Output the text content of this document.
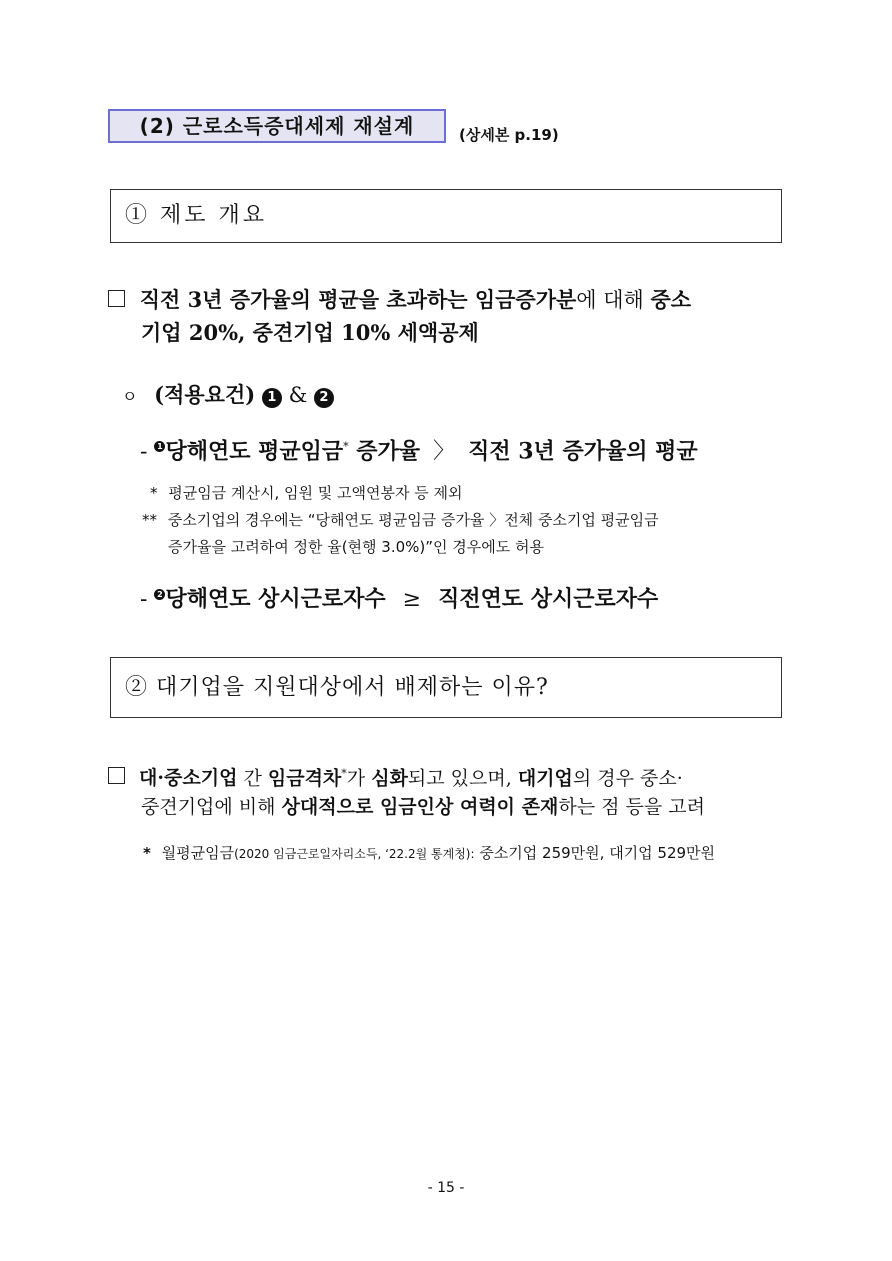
(2) 근로소득증대세제 재설계	(상세본 p.19)
① 제도 개요
직전 3년 증가율의 평균을 초과하는 임금증가분에 대해 중소
기업 20%, 중견기업 10% 세액공제
ㅇ (적용요건) 1 & 2
- 1 당해연도 평균임금* 증가율 〉 직전 3년 증가율의 평균
* 평균임금 계산시, 임원 및 고액연봉자 등 제외
** 중소기업의 경우에는 “당해연도 평균임금 증가율 〉전체 중소기업 평균임금
증가율을 고려하여 정한 율(현행 3.0%)”인 경우에도 허용
- 2 당해연도 상시근로자수 ≥ 직전연도 상시근로자수
② 대기업을 지원대상에서 배제하는 이유?
대·중소기업 간 임금격차*가 심화되고 있으며, 대기업의 경우 중소·
중견기업에 비해 상대적으로 임금인상 여력이 존재하는 점 등을 고려
* 월평균임금(2020 임금근로일자리소득, ‘22.2월 통계청): 중소기업 259만원, 대기업 529만원
- 15 -
